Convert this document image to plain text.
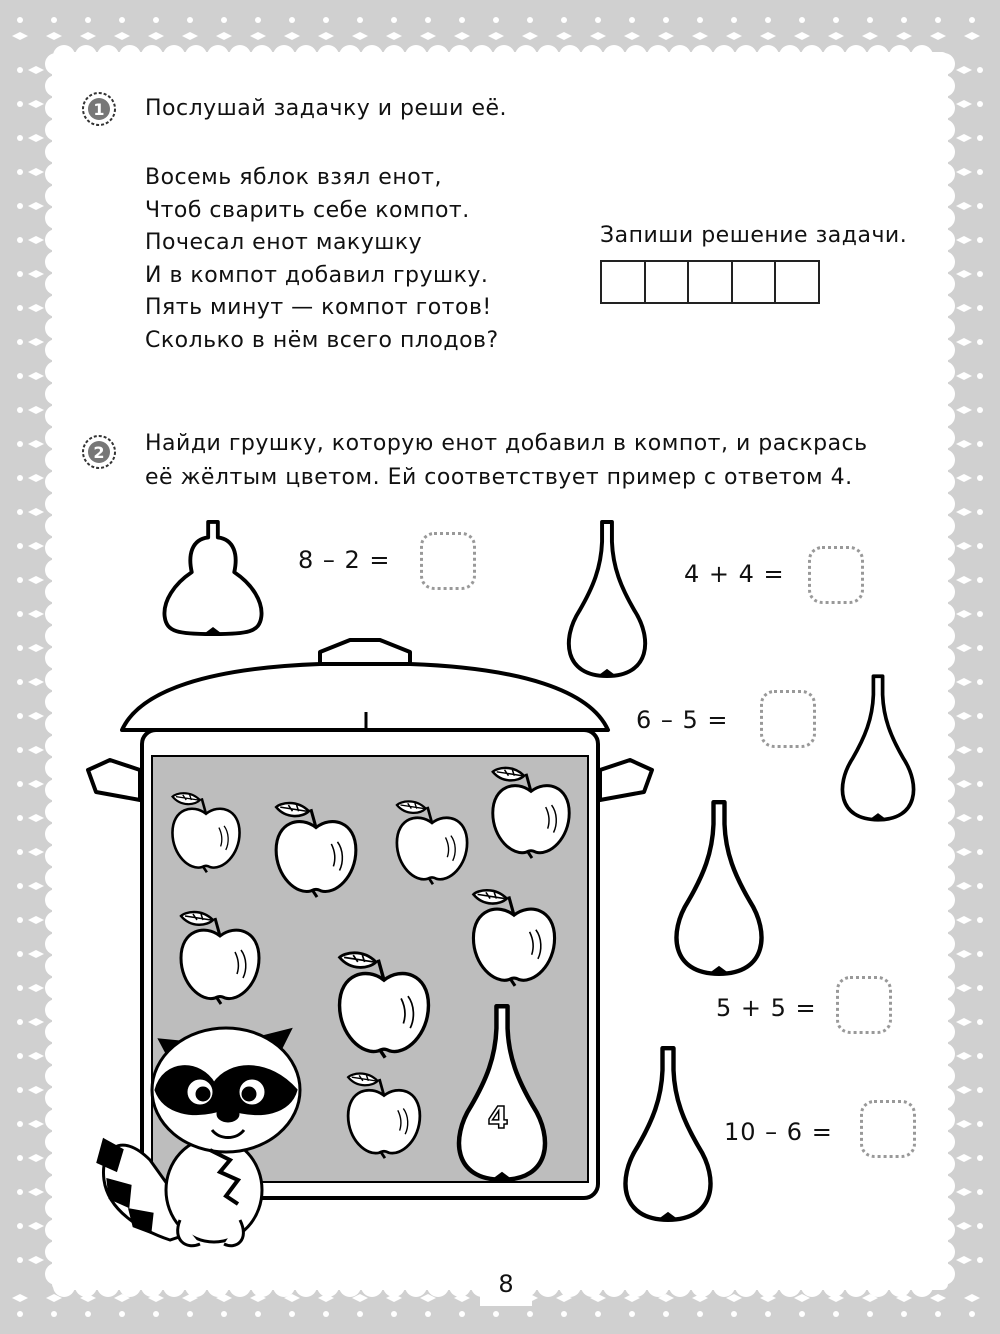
1 Послушай задачку и реши её.
Восемь яблок взял енот,
Чтоб сварить себе компот.
Почесал енот макушку
И в компот добавил грушку.
Пять минут — компот готов!
Сколько в нём всего плодов?
Запиши решение задачи.
2 Найди грушку, которую енот добавил в компот, и раскрась
её жёлтым цветом. Ей соответствует пример с ответом 4.
4
8 – 2 =	4 + 4 =
6 – 5 =
5 + 5 =
10 – 6 =
8
